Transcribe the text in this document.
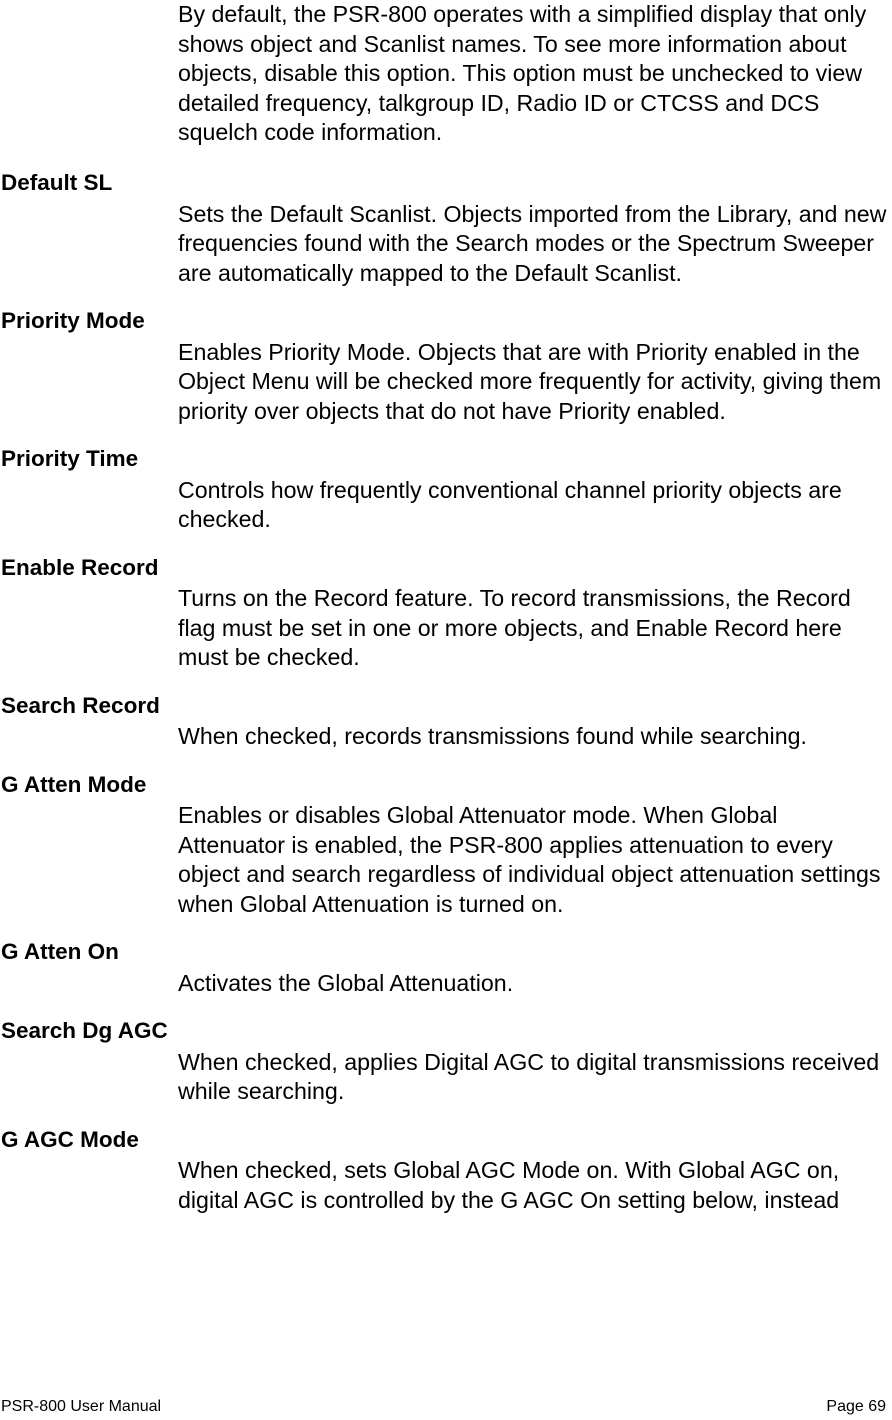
By default, the PSR-800 operates with a simplified display that only shows object and Scanlist names. To see more information about objects, disable this option. This option must be unchecked to view detailed frequency, talkgroup ID, Radio ID or CTCSS and DCS squelch code information.
Default SL
Sets the Default Scanlist. Objects imported from the Library, and new frequencies found with the Search modes or the Spectrum Sweeper are automatically mapped to the Default Scanlist.
Priority Mode
Enables Priority Mode. Objects that are with Priority enabled in the Object Menu will be checked more frequently for activity, giving them priority over objects that do not have Priority enabled.
Priority Time
Controls how frequently conventional channel priority objects are checked.
Enable Record
Turns on the Record feature. To record transmissions, the Record flag must be set in one or more objects, and Enable Record here must be checked.
Search Record
When checked, records transmissions found while searching.
G Atten Mode
Enables or disables Global Attenuator mode. When Global Attenuator is enabled, the PSR-800 applies attenuation to every object and search regardless of individual object attenuation settings when Global Attenuation is turned on.
G Atten On
Activates the Global Attenuation.
Search Dg AGC
When checked, applies Digital AGC to digital transmissions received while searching.
G AGC Mode
When checked, sets Global AGC Mode on. With Global AGC on, digital AGC is controlled by the G AGC On setting below, instead
PSR-800 User Manual	Page 69
